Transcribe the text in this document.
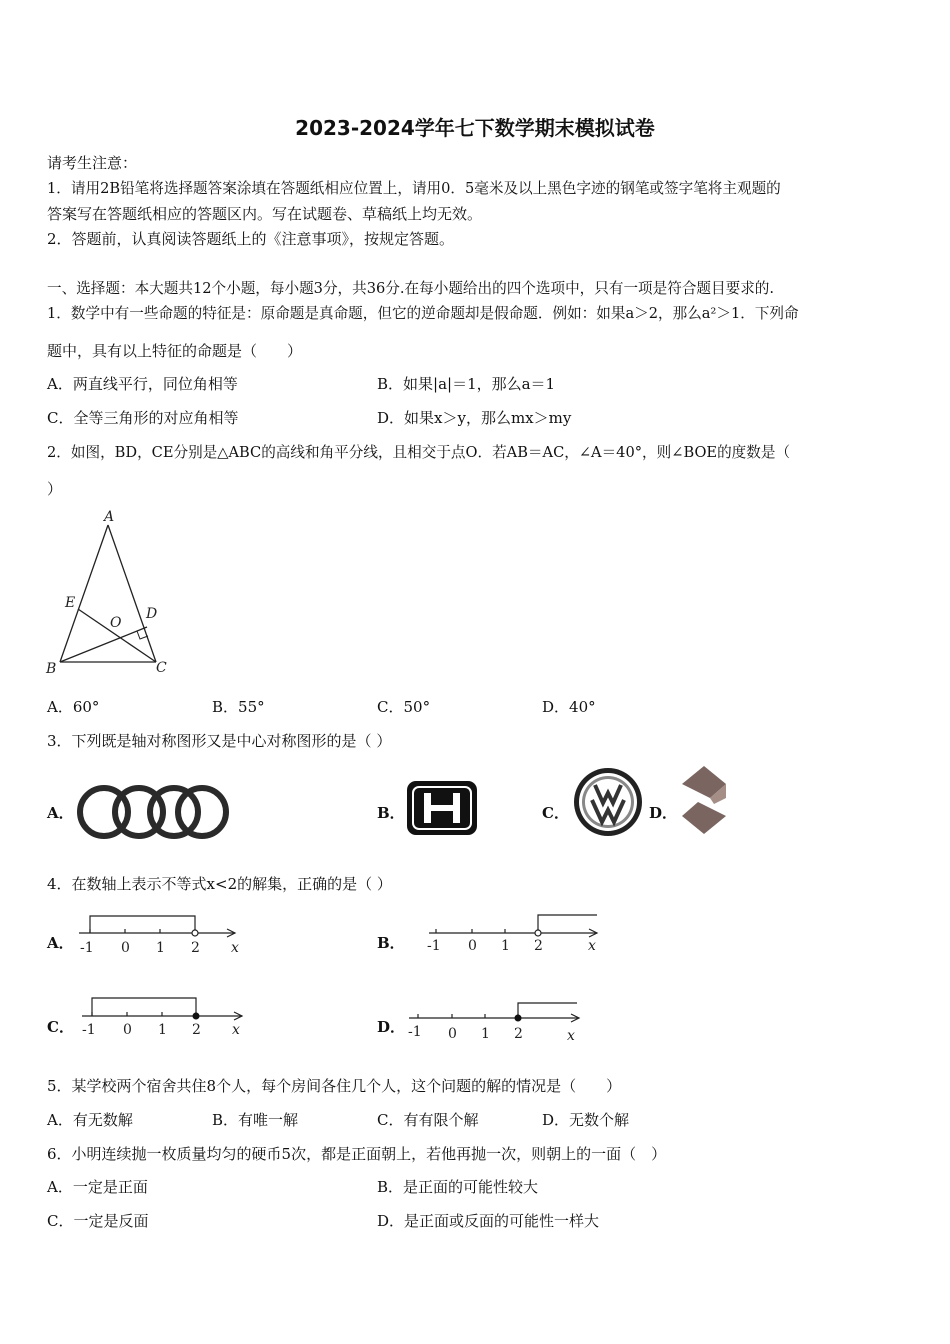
2023-2024学年七下数学期末模拟试卷
请考生注意：
1．请用2B铅笔将选择题答案涂填在答题纸相应位置上，请用0．5毫米及以上黑色字迹的钢笔或签字笔将主观题的
答案写在答题纸相应的答题区内。写在试题卷、草稿纸上均无效。
2．答题前，认真阅读答题纸上的《注意事项》，按规定答题。
一、选择题：本大题共12个小题，每小题3分，共36分.在每小题给出的四个选项中，只有一项是符合题目要求的.
1．数学中有一些命题的特征是：原命题是真命题，但它的逆命题却是假命题．例如：如果a＞2，那么a²＞1．下列命
题中，具有以上特征的命题是（　　）
A．两直线平行，同位角相等	B．如果|a|＝1，那么a＝1
C．全等三角形的对应角相等	D．如果x＞y，那么mx＞my
2．如图，BD，CE分别是△ABC的高线和角平分线，且相交于点O．若AB＝AC，∠A＝40°，则∠BOE的度数是（
）
A
B	C
D
E
O
A．60°	B．55°	C．50°	D．40°
3．下列既是轴对称图形又是中心对称图形的是（ ）
A．	B．	C．	D．
4．在数轴上表示不等式x<2的解集，正确的是（ ）
A． -1 0 1 2 x	B． -1 0 1 2	x
C． -1 0 1 2 x	D． -1 0 1 2	x
5．某学校两个宿舍共住8个人，每个房间各住几个人，这个问题的解的情况是（　　）
A．有无数解	B．有唯一解	C．有有限个解	D．无数个解
6．小明连续抛一枚质量均匀的硬币5次，都是正面朝上，若他再抛一次，则朝上的一面（　）
A．一定是正面	B．是正面的可能性较大
C．一定是反面	D．是正面或反面的可能性一样大
